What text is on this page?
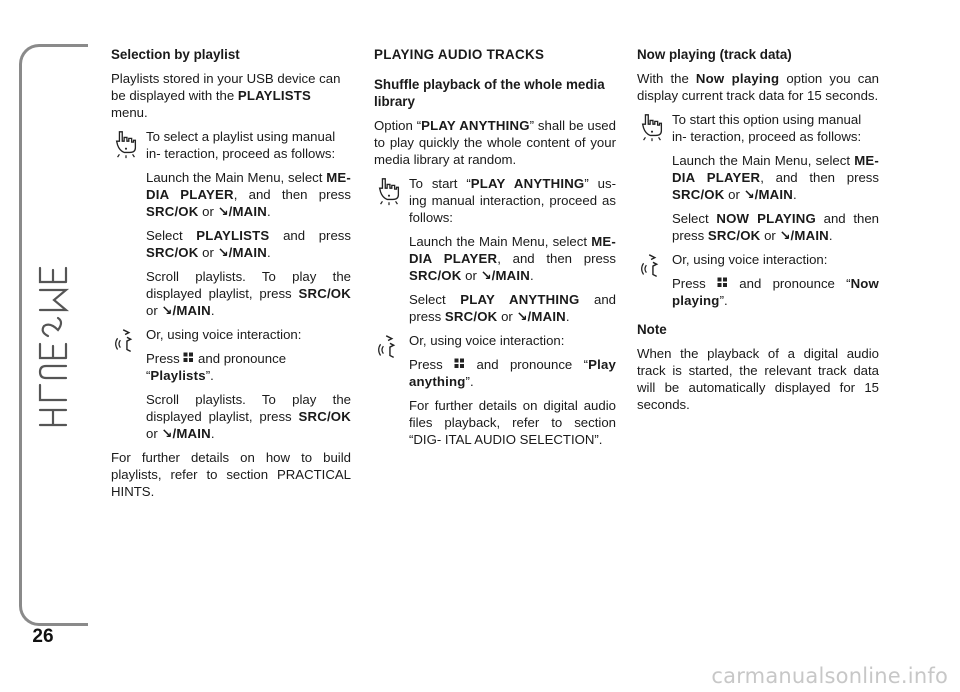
26
Selection by playlist

Playlists stored in your USB device can be displayed with the PLAYLISTS menu.

To select a playlist using manual in- teraction, proceed as follows:

Launch the Main Menu, select ME- DIA PLAYER, and then press SRC/OK or ↘/MAIN.

Select PLAYLISTS and press SRC/OK or ↘/MAIN.

Scroll playlists. To play the displayed playlist, press SRC/OK or ↘/MAIN.

Or, using voice interaction:

Press  and pronounce “Playlists”.

Scroll playlists. To play the displayed playlist, press SRC/OK or ↘/MAIN.

For further details on how to build playlists, refer to section PRACTICAL HINTS.

PLAYING AUDIO TRACKS
Shuffle playback of the whole media library

Option “PLAY ANYTHING” shall be used to play quickly the whole content of your media library at random.

To start “PLAY ANYTHING” us- ing manual interaction, proceed as follows:

Launch the Main Menu, select ME- DIA PLAYER, and then press SRC/OK or ↘/MAIN.

Select PLAY ANYTHING and press SRC/OK or ↘/MAIN.

Or, using voice interaction:

Press  and pronounce “Play anything”.

For further details on digital audio files playback, refer to section “DIG- ITAL AUDIO SELECTION”.

Now playing (track data)

With the Now playing option you can display current track data for 15 seconds.

To start this option using manual in- teraction, proceed as follows:

Launch the Main Menu, select ME- DIA PLAYER, and then press SRC/OK or ↘/MAIN.

Select NOW PLAYING and then press SRC/OK or ↘/MAIN.

Or, using voice interaction:

Press  and pronounce “Now playing”.

Note

When the playback of a digital audio track is started, the relevant track data will be automatically displayed for 15 seconds.

carmanualsonline.info
